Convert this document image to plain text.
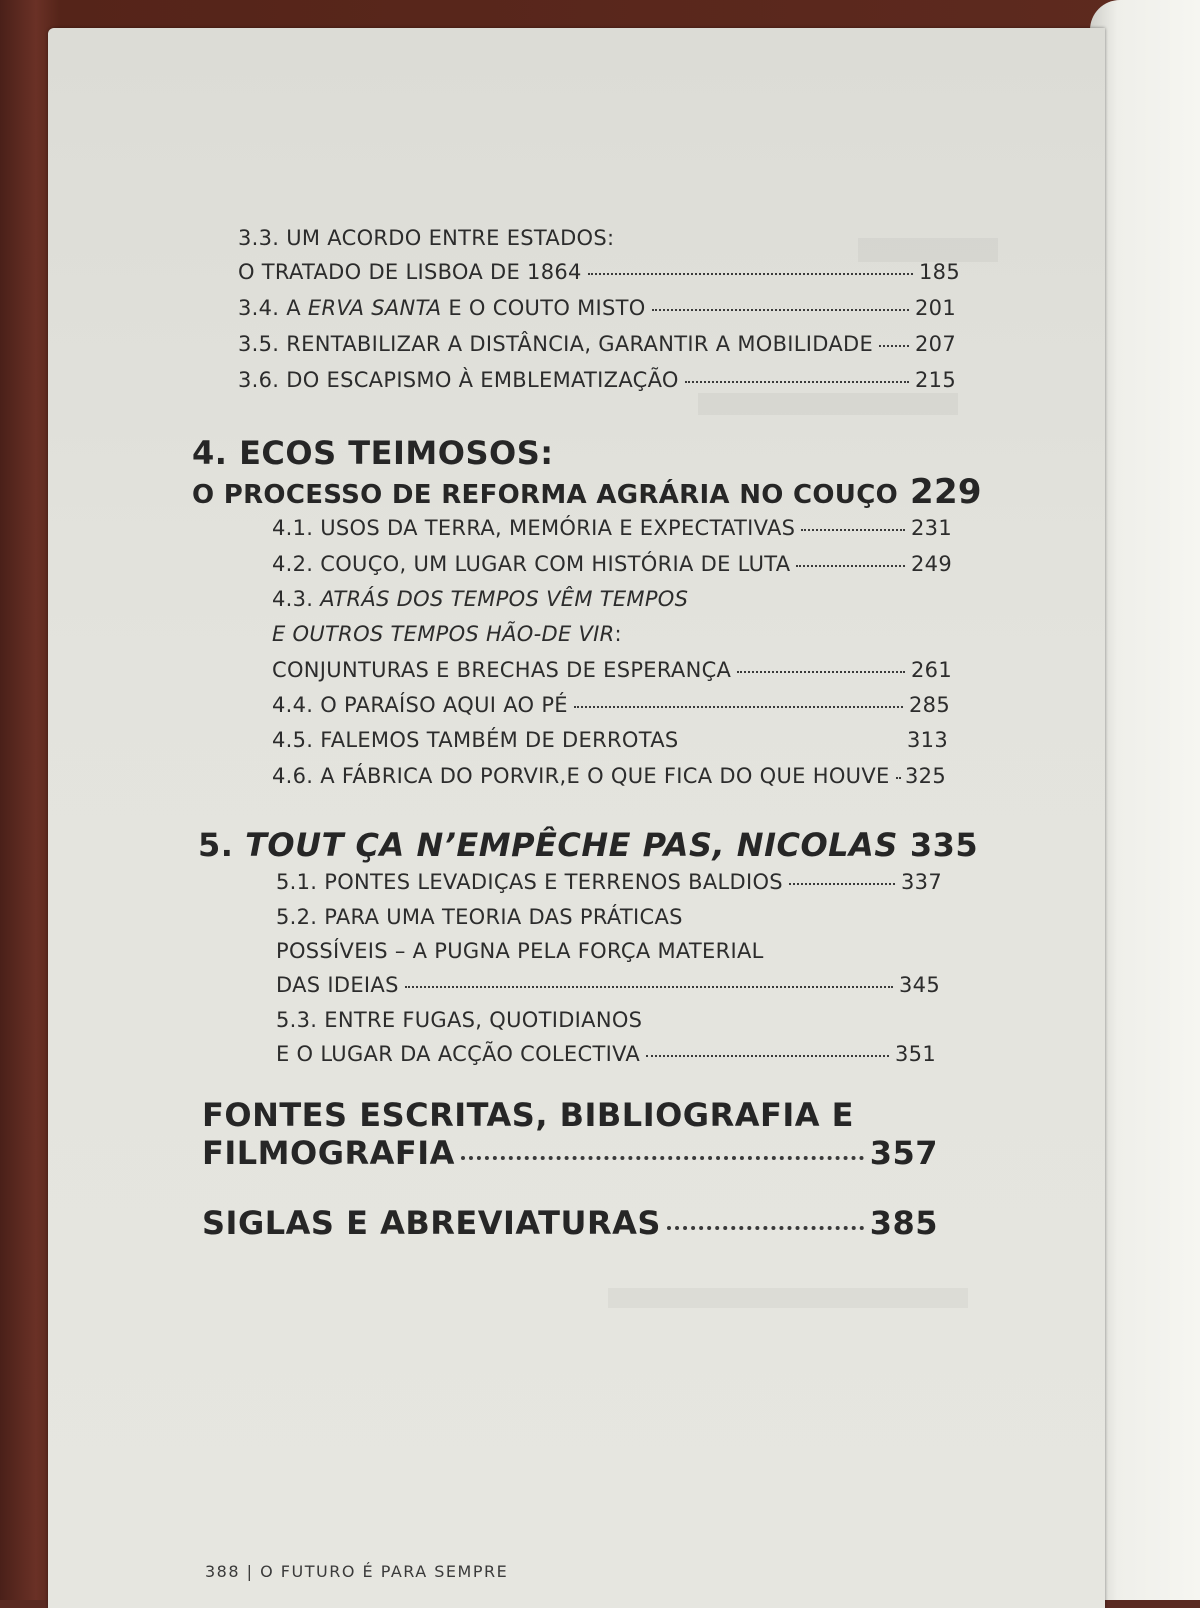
3.3. UM ACORDO ENTRE ESTADOS:
O TRATADO DE LISBOA DE 1864	185
3.4. A ERVA SANTA E O COUTO MISTO	201
3.5. RENTABILIZAR A DISTÂNCIA, GARANTIR A MOBILIDADE 207
3.6. DO ESCAPISMO À EMBLEMATIZAÇÃO	215
4. ECOS TEIMOSOS:
O PROCESSO DE REFORMA AGRÁRIA NO COUÇO 229
4.1. USOS DA TERRA, MEMÓRIA E EXPECTATIVAS	231
4.2. COUÇO, UM LUGAR COM HISTÓRIA DE LUTA	249
4.3. ATRÁS DOS TEMPOS VÊM TEMPOS
E OUTROS TEMPOS HÃO-DE VIR:
CONJUNTURAS E BRECHAS DE ESPERANÇA	261
4.4. O PARAÍSO AQUI AO PÉ	285
4.5. FALEMOS TAMBÉM DE DERROTAS	313
4.6. A FÁBRICA DO PORVIR,E O QUE FICA DO QUE HOUVE 325
5. TOUT ÇA N’EMPÊCHE PAS, NICOLAS 335
5.1. PONTES LEVADIÇAS E TERRENOS BALDIOS	337
5.2. PARA UMA TEORIA DAS PRÁTICAS
POSSÍVEIS – A PUGNA PELA FORÇA MATERIAL
DAS IDEIAS	345
5.3. ENTRE FUGAS, QUOTIDIANOS
E O LUGAR DA ACÇÃO COLECTIVA	351
FONTES ESCRITAS, BIBLIOGRAFIA E
FILMOGRAFIA	357
SIGLAS E ABREVIATURAS	385
388 | O FUTURO É PARA SEMPRE
